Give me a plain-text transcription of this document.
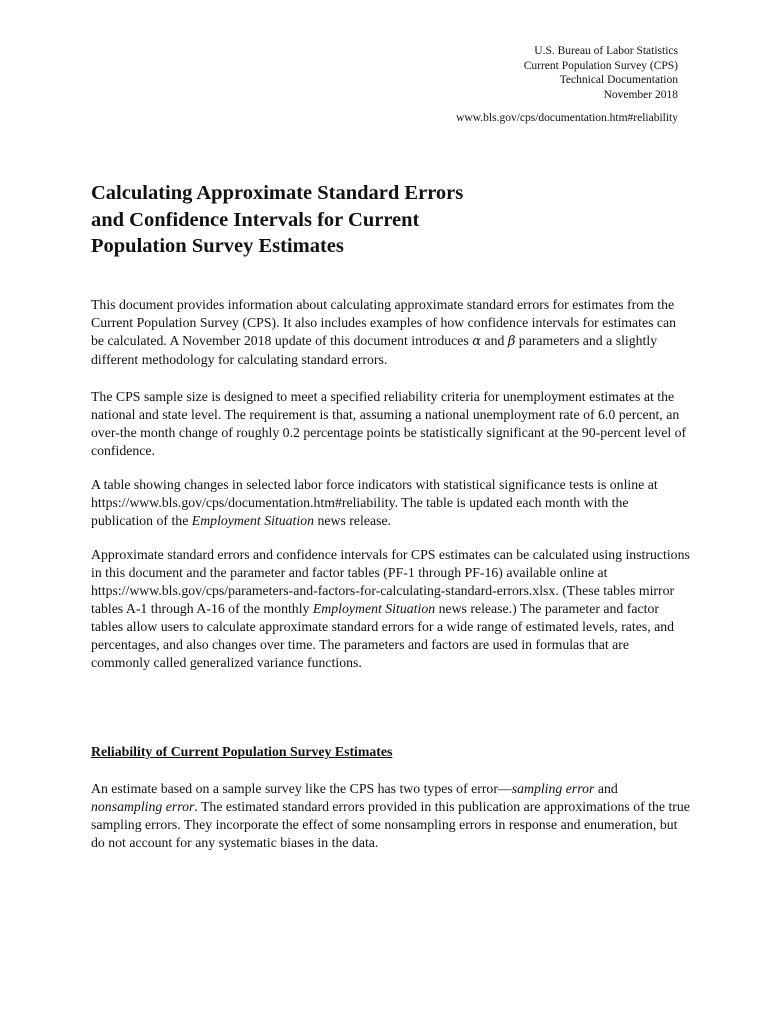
U.S. Bureau of Labor Statistics
Current Population Survey (CPS)
Technical Documentation
November 2018
www.bls.gov/cps/documentation.htm#reliability
Calculating Approximate Standard Errors
and Confidence Intervals for Current
Population Survey Estimates

This document provides information about calculating approximate standard errors for estimates from the Current Population Survey (CPS). It also includes examples of how confidence intervals for estimates can be calculated. A November 2018 update of this document introduces α and β parameters and a slightly different methodology for calculating standard errors.

The CPS sample size is designed to meet a specified reliability criteria for unemployment estimates at the national and state level. The requirement is that, assuming a national unemployment rate of 6.0 percent, an over-the month change of roughly 0.2 percentage points be statistically significant at the 90-percent level of confidence.

A table showing changes in selected labor force indicators with statistical significance tests is online at https://www.bls.gov/cps/documentation.htm#reliability. The table is updated each month with the publication of the Employment Situation news release.

Approximate standard errors and confidence intervals for CPS estimates can be calculated using instructions in this document and the parameter and factor tables (PF-1 through PF-16) available online at https://www.bls.gov/cps/parameters-and-factors-for-calculating-standard-errors.xlsx. (These tables mirror tables A-1 through A-16 of the monthly Employment Situation news release.) The parameter and factor tables allow users to calculate approximate standard errors for a wide range of estimated levels, rates, and percentages, and also changes over time. The parameters and factors are used in formulas that are commonly called generalized variance functions.

Reliability of Current Population Survey Estimates

An estimate based on a sample survey like the CPS has two types of error—sampling error and nonsampling error. The estimated standard errors provided in this publication are approximations of the true sampling errors. They incorporate the effect of some nonsampling errors in response and enumeration, but do not account for any systematic biases in the data.
